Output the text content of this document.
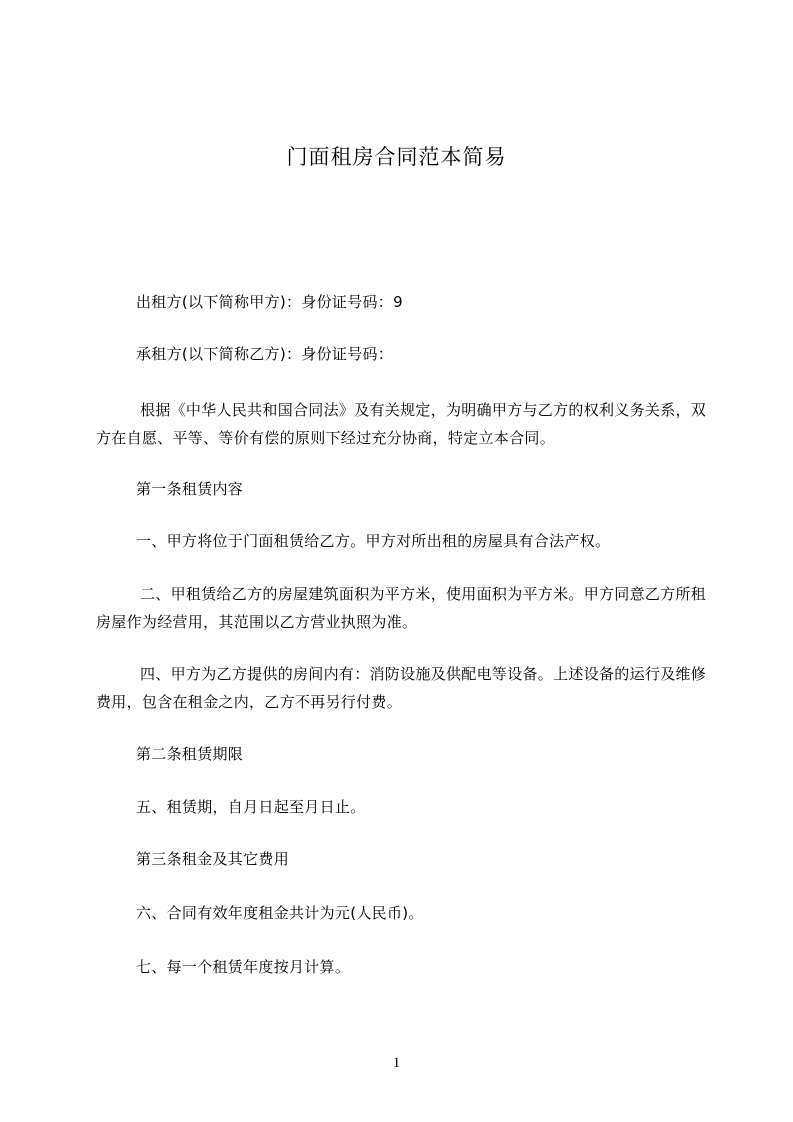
门面租房合同范本简易
出租方(以下简称甲方)：身份证号码：9
承租方(以下简称乙方)：身份证号码：
根据《中华人民共和国合同法》及有关规定，为明确甲方与乙方的权利义务关系，双方在自愿、平等、等价有偿的原则下经过充分协商，特定立本合同。
第一条租赁内容
一、甲方将位于门面租赁给乙方。甲方对所出租的房屋具有合法产权。
二、甲租赁给乙方的房屋建筑面积为平方米，使用面积为平方米。甲方同意乙方所租房屋作为经营用，其范围以乙方营业执照为准。
四、甲方为乙方提供的房间内有：消防设施及供配电等设备。上述设备的运行及维修费用，包含在租金之内，乙方不再另行付费。
第二条租赁期限
五、租赁期，自月日起至月日止。
第三条租金及其它费用
六、合同有效年度租金共计为元(人民币)。
七、每一个租赁年度按月计算。
1
